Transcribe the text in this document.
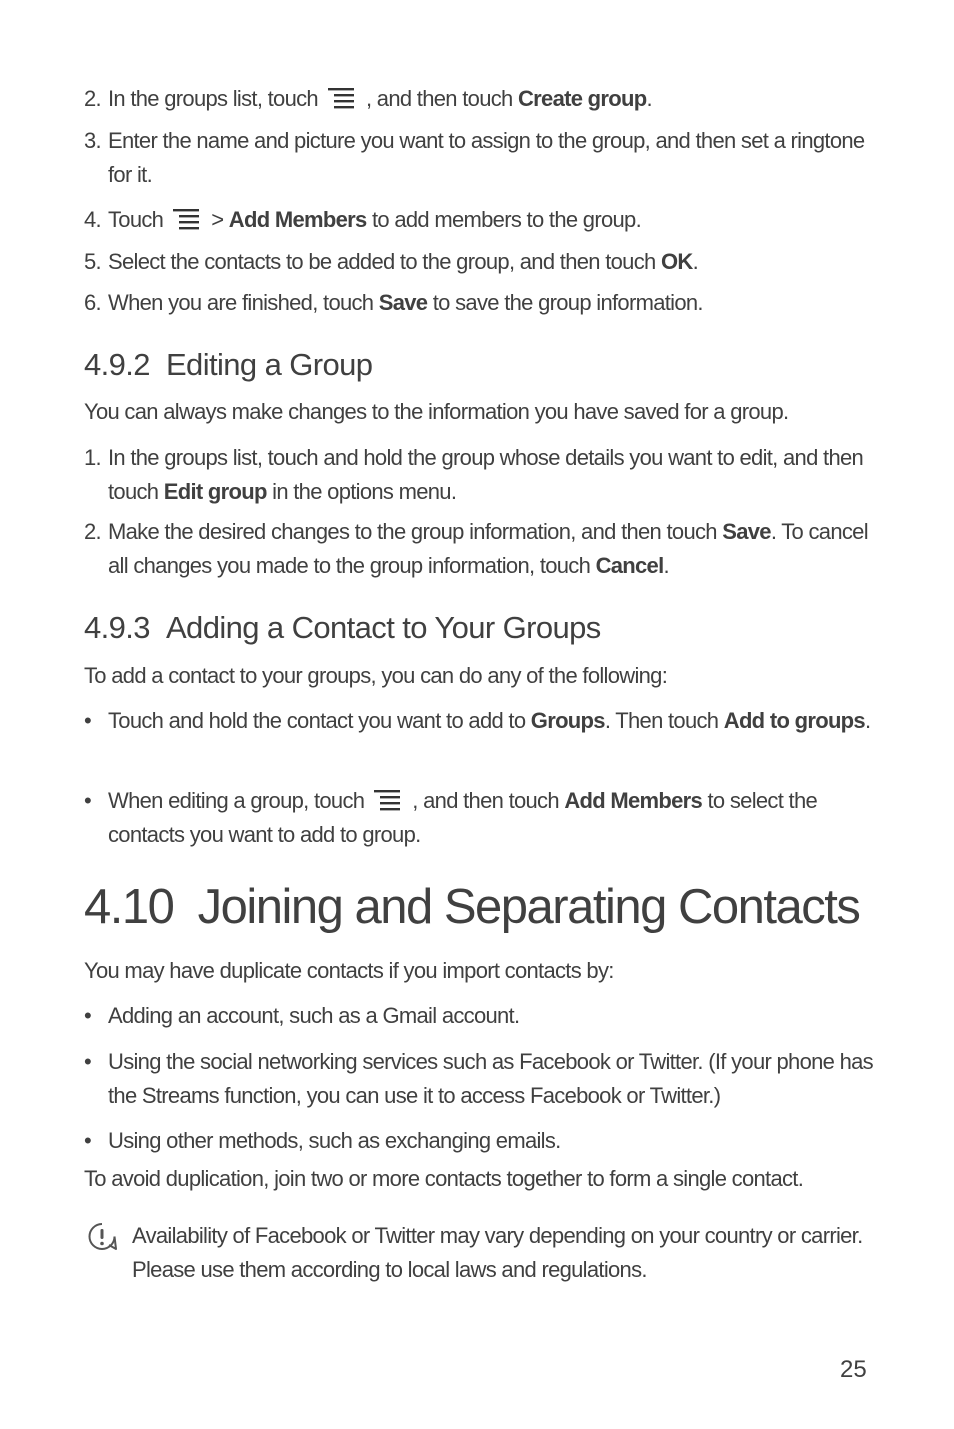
2. In the groups list, touch , and then touch Create group.
3. Enter the name and picture you want to assign to the group, and then set a ringtone for it.
4. Touch > Add Members to add members to the group.
5. Select the contacts to be added to the group, and then touch OK.
6. When you are finished, touch Save to save the group information.
4.9.2 Editing a Group
You can always make changes to the information you have saved for a group.
1. In the groups list, touch and hold the group whose details you want to edit, and then touch Edit group in the options menu.
2. Make the desired changes to the group information, and then touch Save. To cancel all changes you made to the group information, touch Cancel.
4.9.3 Adding a Contact to Your Groups
To add a contact to your groups, you can do any of the following:
• Touch and hold the contact you want to add to Groups. Then touch Add to groups.
• When editing a group, touch , and then touch Add Members to select the contacts you want to add to group.
4.10 Joining and Separating Contacts
You may have duplicate contacts if you import contacts by:
• Adding an account, such as a Gmail account.
• Using the social networking services such as Facebook or Twitter. (If your phone has the Streams function, you can use it to access Facebook or Twitter.)
• Using other methods, such as exchanging emails.
To avoid duplication, join two or more contacts together to form a single contact.
Availability of Facebook or Twitter may vary depending on your country or carrier. Please use them according to local laws and regulations.
25
